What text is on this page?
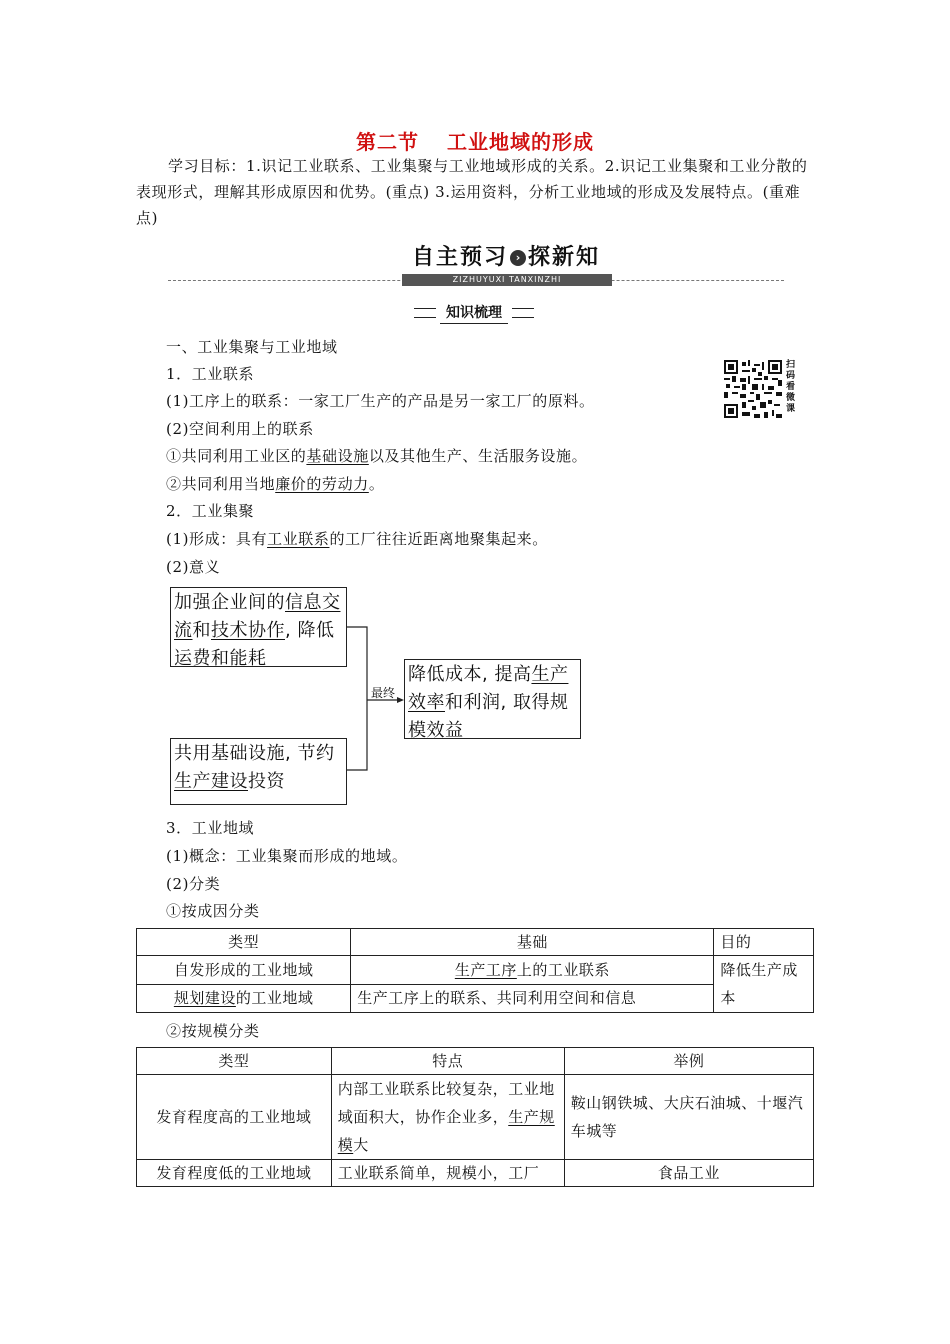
第二节 工业地域的形成
学习目标：1.识记工业联系、工业集聚与工业地域形成的关系。2.识记工业集聚和工业分散的表现形式，理解其形成原因和优势。(重点) 3.运用资料，分析工业地域的形成及发展特点。(重难点)
ZIZHUYUXI TANXINZHI
自主预习 › 探新知
知识梳理
扫
码
看
微
课
一、工业集聚与工业地域
1．工业联系
(1)工序上的联系：一家工厂生产的产品是另一家工厂的原料。
(2)空间利用上的联系
①共同利用工业区的基础设施以及其他生产、生活服务设施。
②共同利用当地廉价的劳动力。
2．工业集聚
(1)形成：具有工业联系的工厂往往近距离地聚集起来。
(2)意义
加强企业间的信息交
流和技术协作, 降低
运费和能耗
共用基础设施, 节约
生产建设投资
降低成本, 提高生产
效率和利润, 取得规
模效益
最终
3．工业地域
(1)概念：工业集聚而形成的地域。
(2)分类
①按成因分类
类型	基础	目的
自发形成的工业地域	生产工序上的工业联系	降低生产成本
规划建设的工业地域	生产工序上的联系、共同利用空间和信息	
②按规模分类
类型	特点	举例
发育程度高的工业地域	内部工业联系比较复杂，工业地域面积大，协作企业多，生产规模大	鞍山钢铁城、大庆石油城、十堰汽车城等
发育程度低的工业地域	工业联系简单，规模小，工厂	食品工业
